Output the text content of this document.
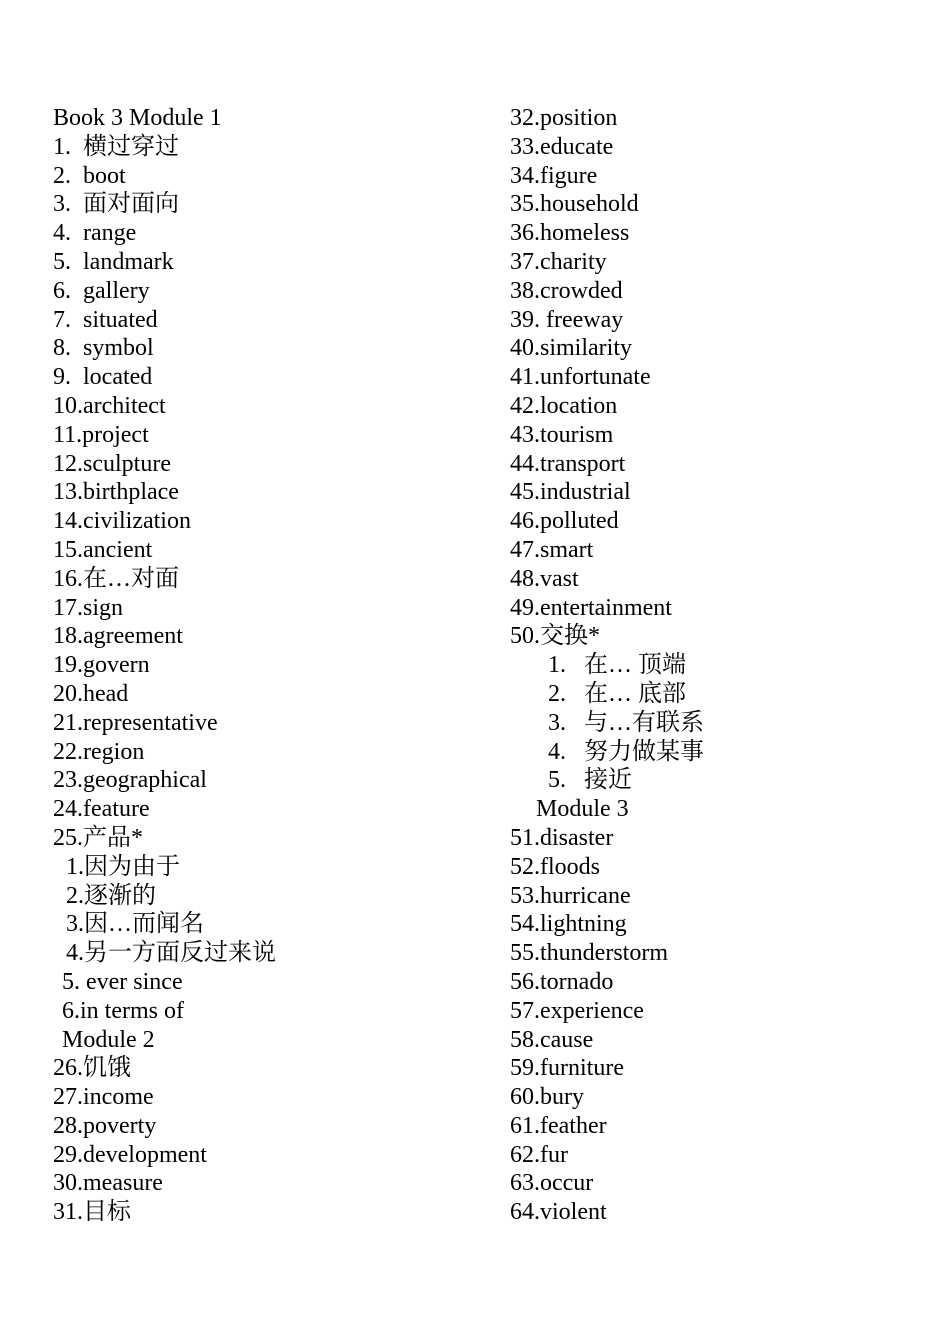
Book 3 Module 1
1.  横过穿过
2.  boot
3.  面对面向
4.  range
5.  landmark
6.  gallery
7.  situated
8.  symbol
9.  located
10.architect
11.project
12.sculpture
13.birthplace
14.civilization
15.ancient
16.在…对面
17.sign
18.agreement
19.govern
20.head
21.representative
22.region
23.geographical
24.feature
25.产品*
1.因为由于
2.逐渐的
3.因…而闻名
4.另一方面反过来说
5. ever since
6.in terms of
Module 2
26.饥饿
27.income
28.poverty
29.development
30.measure
31.目标
32.position
33.educate
34.figure
35.household
36.homeless
37.charity
38.crowded
39. freeway
40.similarity
41.unfortunate
42.location
43.tourism
44.transport
45.industrial
46.polluted
47.smart
48.vast
49.entertainment
50.交换*
1.   在… 顶端
2.   在… 底部
3.   与…有联系
4.   努力做某事
5.   接近
Module 3
51.disaster
52.floods
53.hurricane
54.lightning
55.thunderstorm
56.tornado
57.experience
58.cause
59.furniture
60.bury
61.feather
62.fur
63.occur
64.violent
